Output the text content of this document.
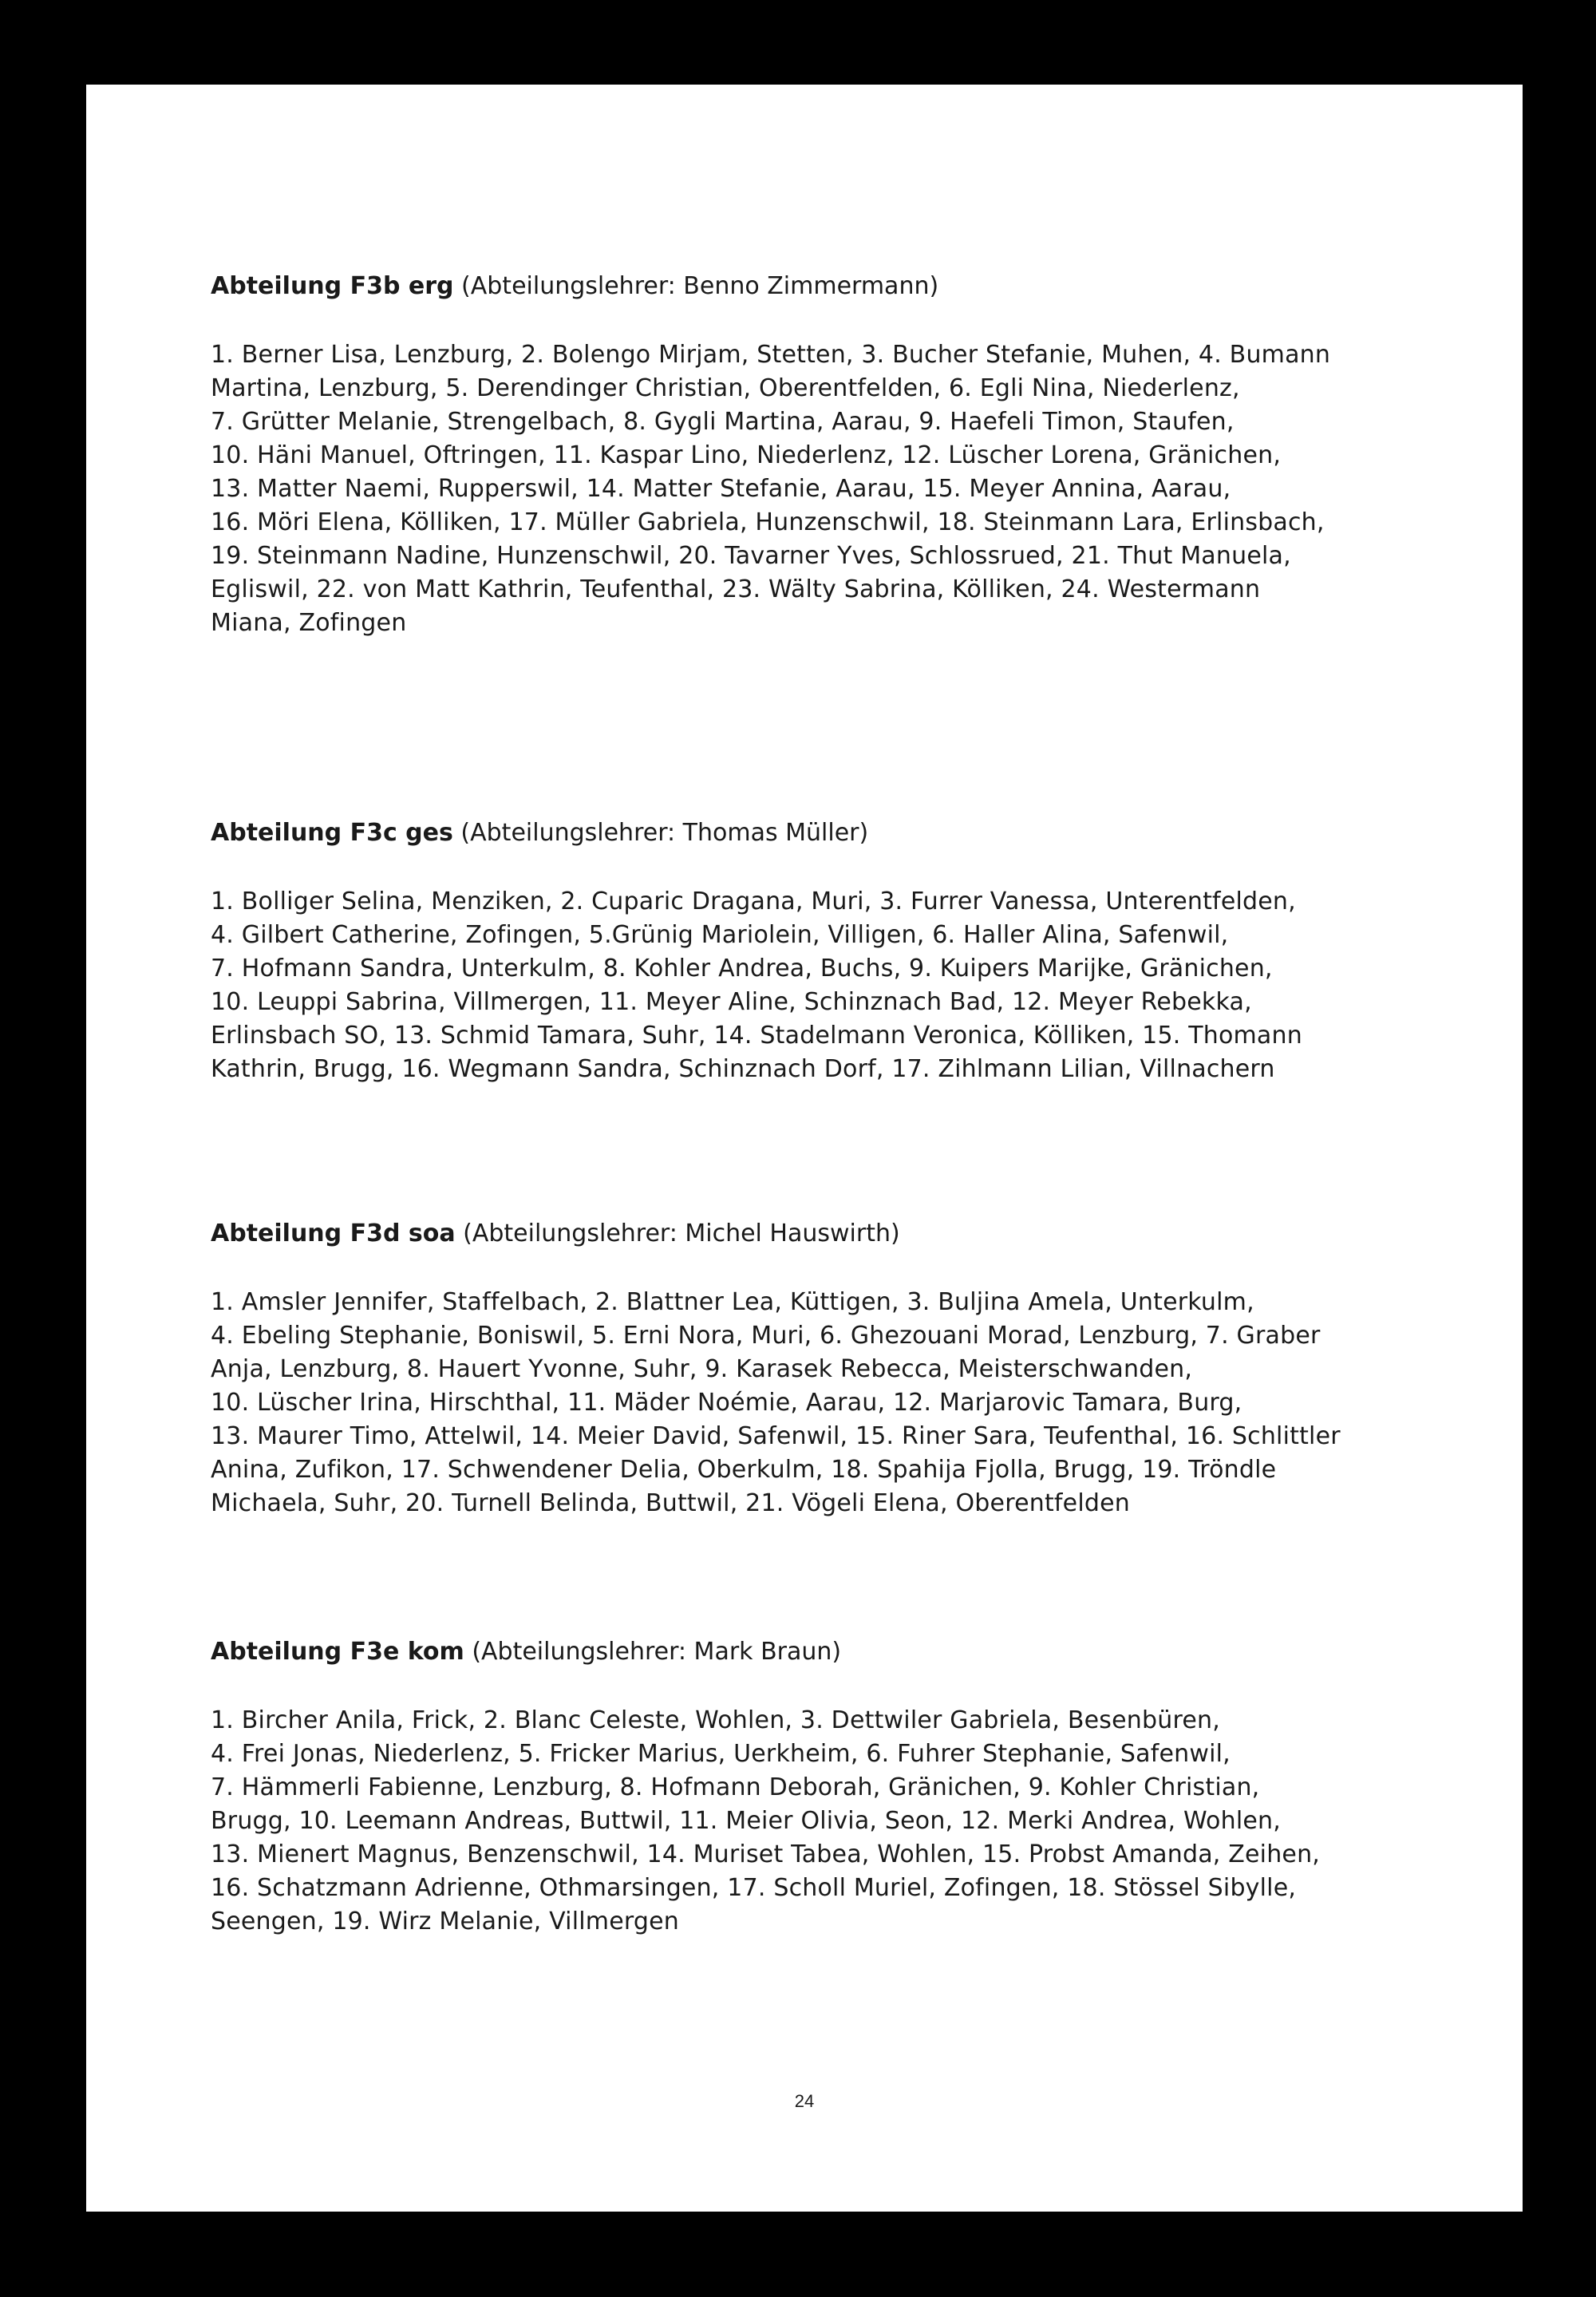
Abteilung F3b erg (Abteilungslehrer: Benno Zimmermann)

1. Berner Lisa, Lenzburg, 2. Bolengo Mirjam, Stetten, 3. Bucher Stefanie, Muhen, 4. Bumann
Martina, Lenzburg, 5. Derendinger Christian, Oberentfelden, 6. Egli Nina, Niederlenz,
7. Grütter Melanie, Strengelbach, 8. Gygli Martina, Aarau, 9. Haefeli Timon, Staufen,
10. Häni Manuel, Oftringen, 11. Kaspar Lino, Niederlenz, 12. Lüscher Lorena, Gränichen,
13. Matter Naemi, Rupperswil, 14. Matter Stefanie, Aarau, 15. Meyer Annina, Aarau,
16. Möri Elena, Kölliken, 17. Müller Gabriela, Hunzenschwil, 18. Steinmann Lara, Erlinsbach,
19. Steinmann Nadine, Hunzenschwil, 20. Tavarner Yves, Schlossrued, 21. Thut Manuela,
Egliswil, 22. von Matt Kathrin, Teufenthal, 23. Wälty Sabrina, Kölliken, 24. Westermann
Miana, Zofingen

Abteilung F3c ges (Abteilungslehrer: Thomas Müller)

1. Bolliger Selina, Menziken, 2. Cuparic Dragana, Muri, 3. Furrer Vanessa, Unterentfelden,
4. Gilbert Catherine, Zofingen, 5.Grünig Mariolein, Villigen, 6. Haller Alina, Safenwil,
7. Hofmann Sandra, Unterkulm, 8. Kohler Andrea, Buchs, 9. Kuipers Marijke, Gränichen,
10. Leuppi Sabrina, Villmergen, 11. Meyer Aline, Schinznach Bad, 12. Meyer Rebekka,
Erlinsbach SO, 13. Schmid Tamara, Suhr, 14. Stadelmann Veronica, Kölliken, 15. Thomann
Kathrin, Brugg, 16. Wegmann Sandra, Schinznach Dorf, 17. Zihlmann Lilian, Villnachern

Abteilung F3d soa (Abteilungslehrer: Michel Hauswirth)

1. Amsler Jennifer, Staffelbach, 2. Blattner Lea, Küttigen, 3. Buljina Amela, Unterkulm,
4. Ebeling Stephanie, Boniswil, 5. Erni Nora, Muri, 6. Ghezouani Morad, Lenzburg, 7. Graber
Anja, Lenzburg, 8. Hauert Yvonne, Suhr, 9. Karasek Rebecca, Meisterschwanden,
10. Lüscher Irina, Hirschthal, 11. Mäder Noémie, Aarau, 12. Marjarovic Tamara, Burg,
13. Maurer Timo, Attelwil, 14. Meier David, Safenwil, 15. Riner Sara, Teufenthal, 16. Schlittler
Anina, Zufikon, 17. Schwendener Delia, Oberkulm, 18. Spahija Fjolla, Brugg, 19. Tröndle
Michaela, Suhr, 20. Turnell Belinda, Buttwil, 21. Vögeli Elena, Oberentfelden

Abteilung F3e kom (Abteilungslehrer: Mark Braun)

1. Bircher Anila, Frick, 2. Blanc Celeste, Wohlen, 3. Dettwiler Gabriela, Besenbüren,
4. Frei Jonas, Niederlenz, 5. Fricker Marius, Uerkheim, 6. Fuhrer Stephanie, Safenwil,
7. Hämmerli Fabienne, Lenzburg, 8. Hofmann Deborah, Gränichen, 9. Kohler Christian,
Brugg, 10. Leemann Andreas, Buttwil, 11. Meier Olivia, Seon, 12. Merki Andrea, Wohlen,
13. Mienert Magnus, Benzenschwil, 14. Muriset Tabea, Wohlen, 15. Probst Amanda, Zeihen,
16. Schatzmann Adrienne, Othmarsingen, 17. Scholl Muriel, Zofingen, 18. Stössel Sibylle,
Seengen, 19. Wirz Melanie, Villmergen
24
